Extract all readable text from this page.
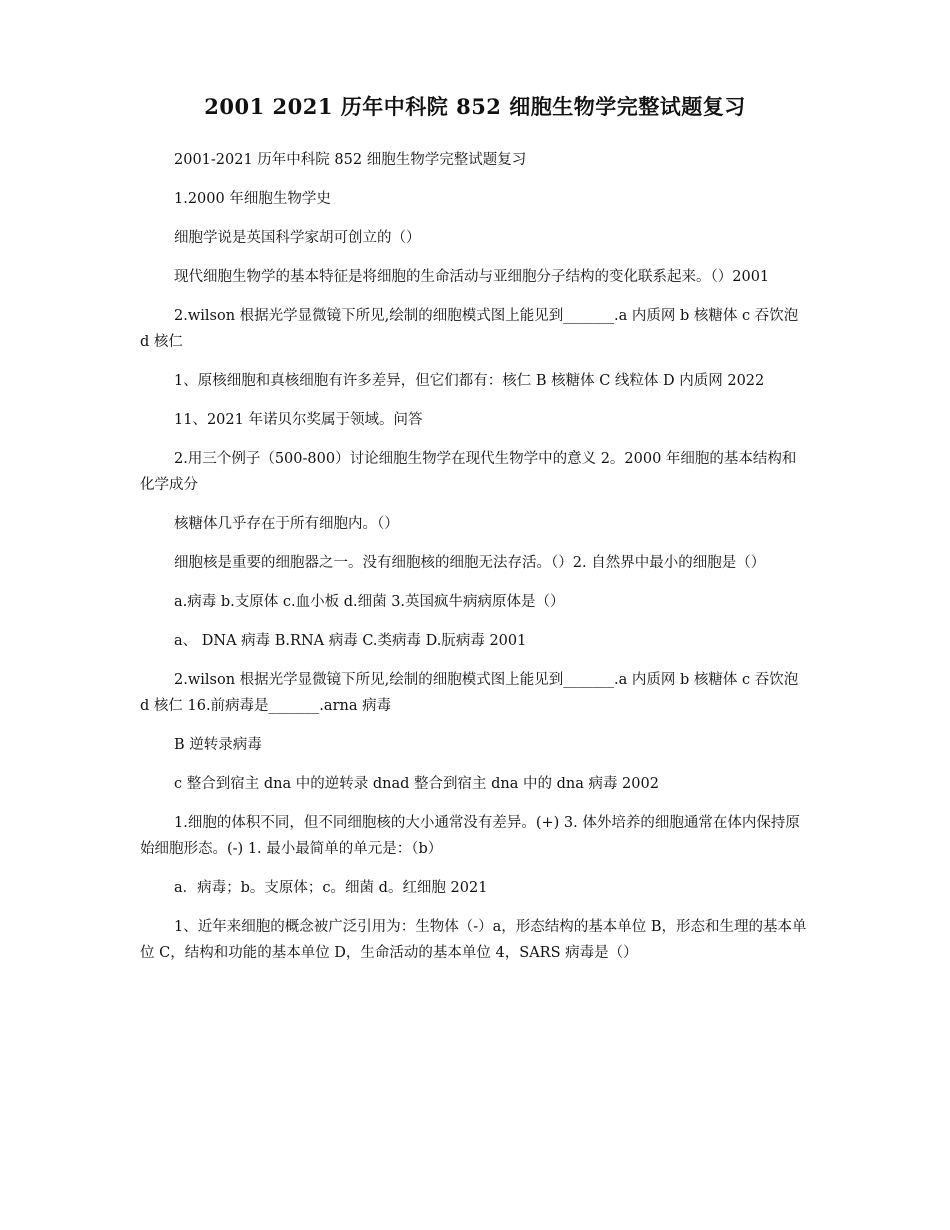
2001 2021 历年中科院 852 细胞生物学完整试题复习

2001-2021 历年中科院 852 细胞生物学完整试题复习

1.2000 年细胞生物学史

细胞学说是英国科学家胡可创立的（）

现代细胞生物学的基本特征是将细胞的生命活动与亚细胞分子结构的变化联系起来。（）2001

2.wilson 根据光学显微镜下所见,绘制的细胞模式图上能见到_______.a 内质网 b 核糖体 c 吞饮泡 d 核仁

1、原核细胞和真核细胞有许多差异，但它们都有：核仁 B 核糖体 C 线粒体 D 内质网 2022

11、2021 年诺贝尔奖属于领域。问答

2.用三个例子（500-800）讨论细胞生物学在现代生物学中的意义 2。2000 年细胞的基本结构和化学成分

核糖体几乎存在于所有细胞内。（）

细胞核是重要的细胞器之一。没有细胞核的细胞无法存活。（）2. 自然界中最小的细胞是（）

a.病毒 b.支原体 c.血小板 d.细菌 3.英国疯牛病病原体是（）

a、 DNA 病毒 B.RNA 病毒 C.类病毒 D.朊病毒 2001

2.wilson 根据光学显微镜下所见,绘制的细胞模式图上能见到_______.a 内质网 b 核糖体 c 吞饮泡 d 核仁 16.前病毒是_______.arna 病毒

B 逆转录病毒

c 整合到宿主 dna 中的逆转录 dnad 整合到宿主 dna 中的 dna 病毒 2002

1.细胞的体积不同，但不同细胞核的大小通常没有差异。(+) 3. 体外培养的细胞通常在体内保持原始细胞形态。(-) 1. 最小最简单的单元是：（b）

a．病毒；b。支原体；c。细菌 d。红细胞 2021

1、近年来细胞的概念被广泛引用为：生物体（-）a，形态结构的基本单位 B，形态和生理的基本单位 C，结构和功能的基本单位 D，生命活动的基本单位 4，SARS 病毒是（）
